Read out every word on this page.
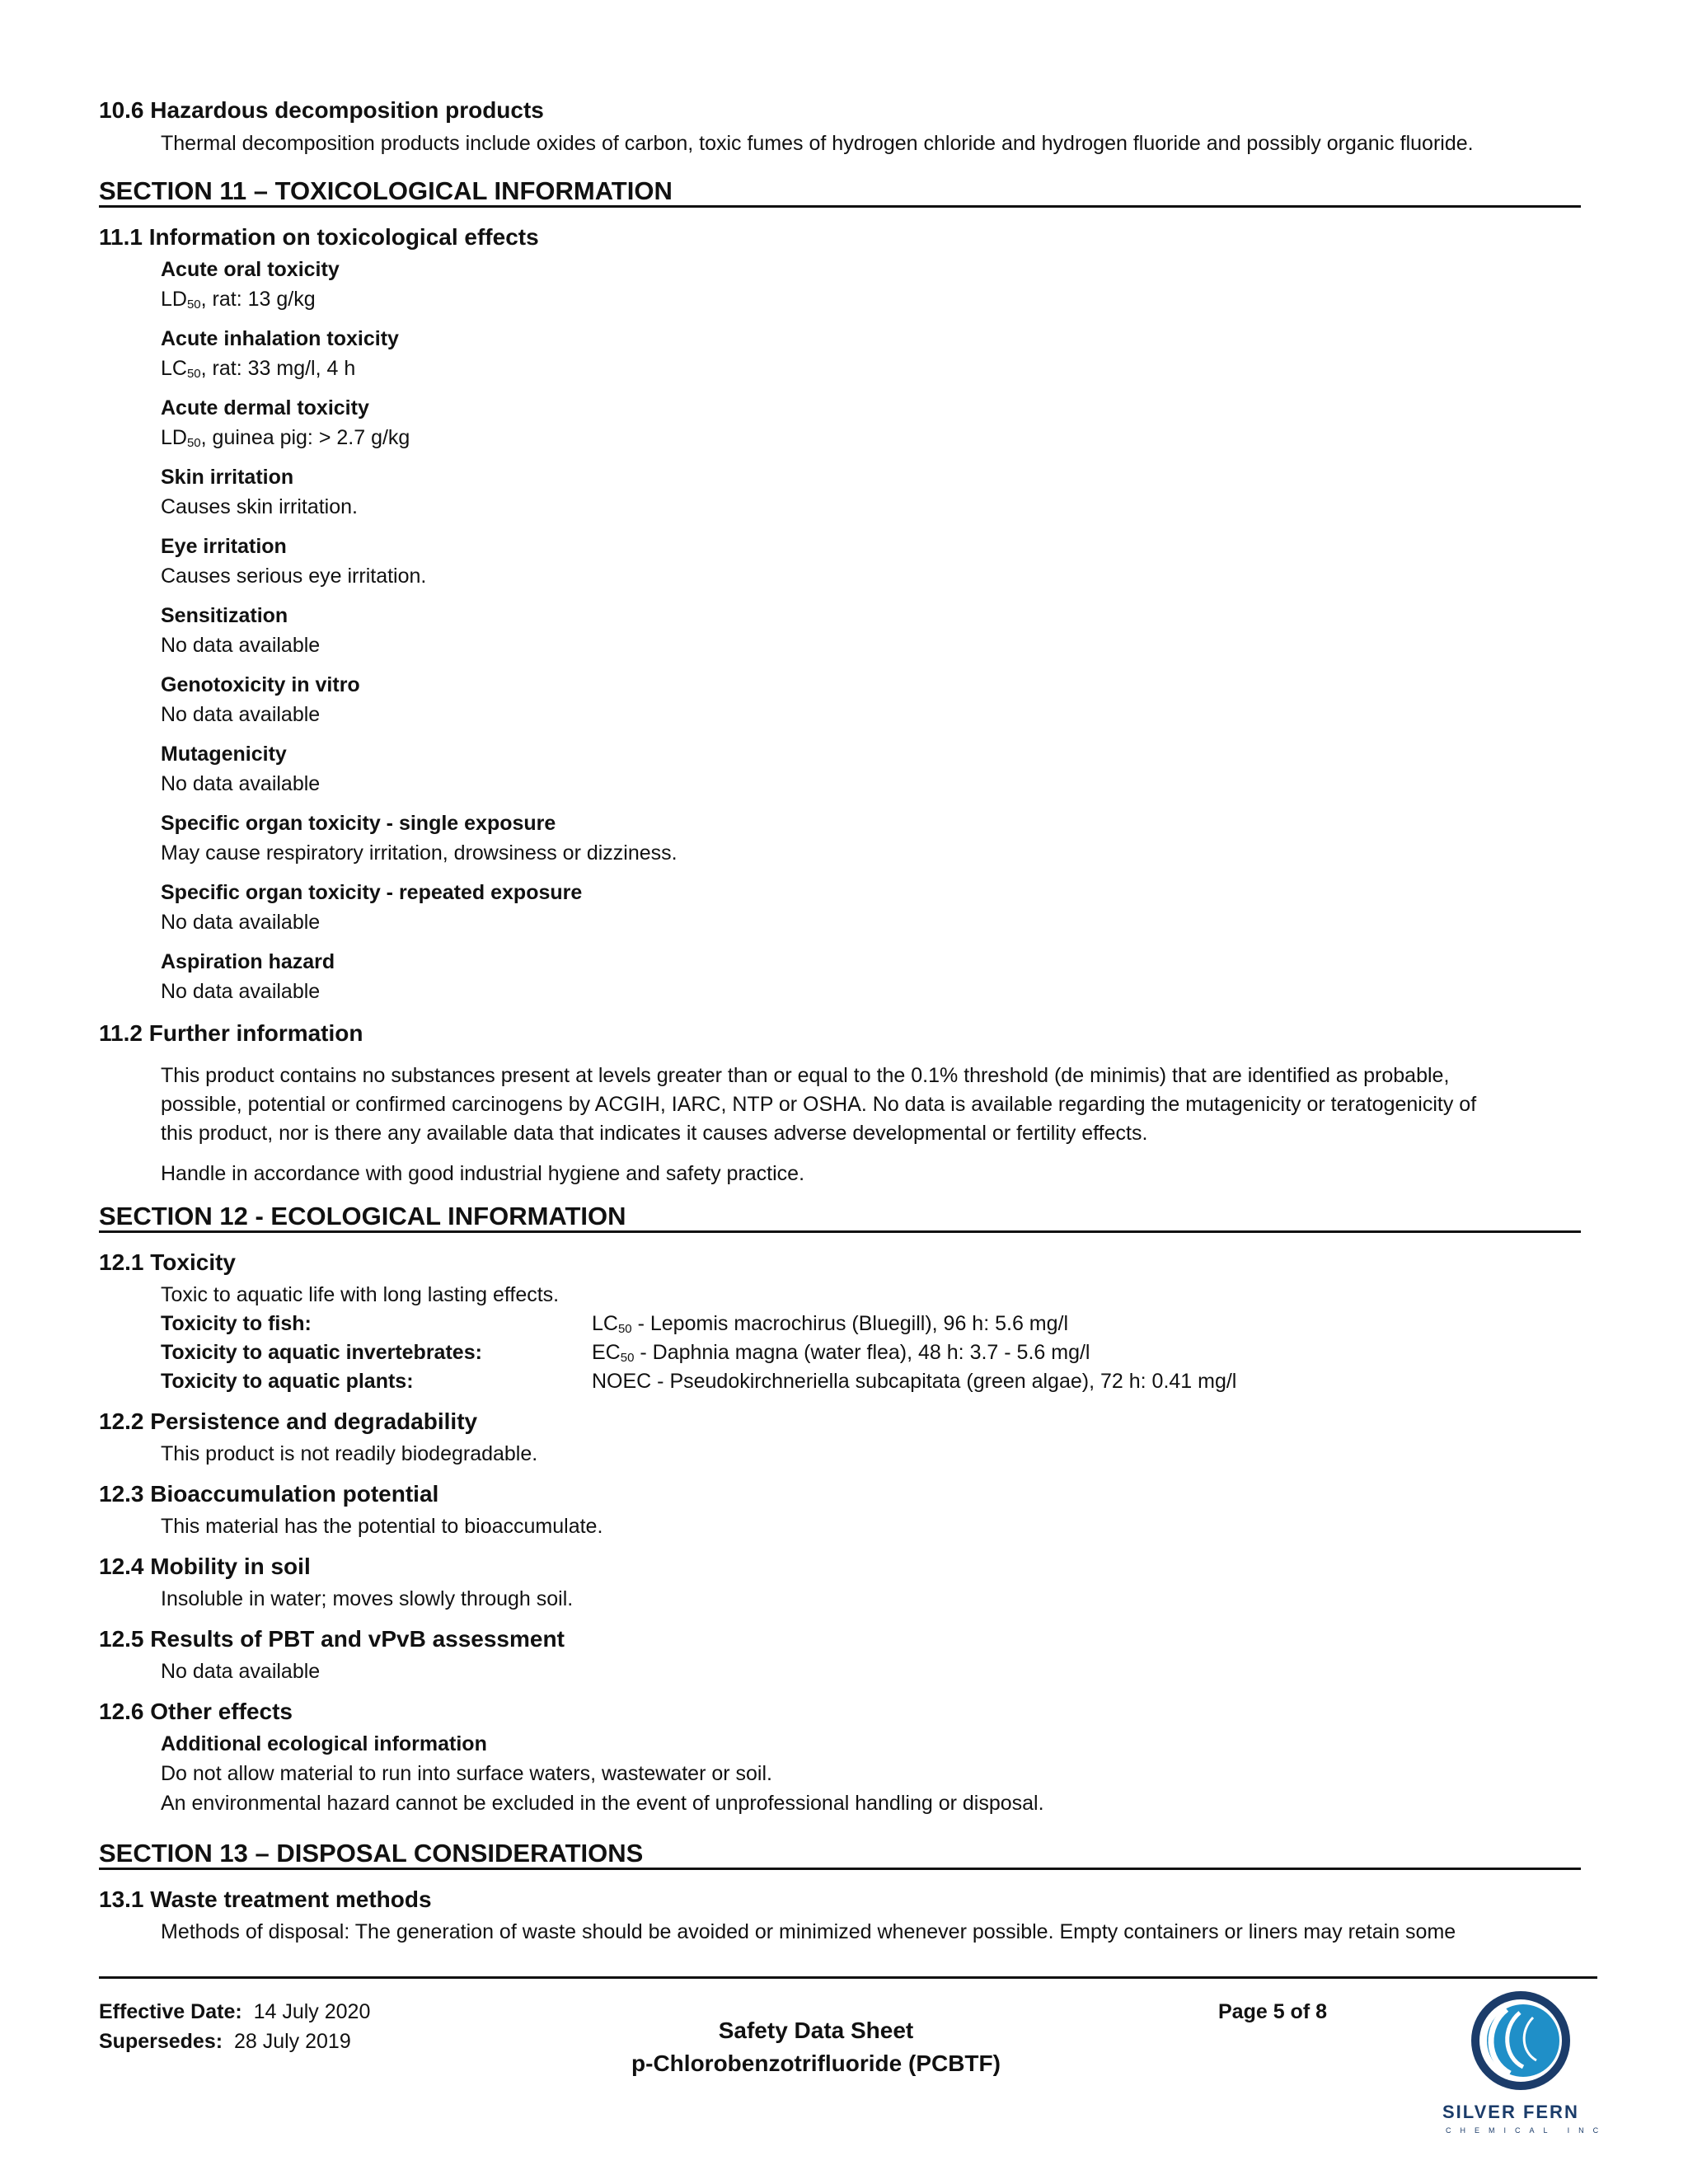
10.6 Hazardous decomposition products
Thermal decomposition products include oxides of carbon, toxic fumes of hydrogen chloride and hydrogen fluoride and possibly organic fluoride.
SECTION 11 – TOXICOLOGICAL INFORMATION
11.1 Information on toxicological effects
Acute oral toxicity
$LD_{50}$, rat: 13 g/kg
Acute inhalation toxicity
$LC_{50}$, rat: 33 mg/l, 4 h
Acute dermal toxicity
$LD_{50}$, guinea pig: > 2.7 g/kg
Skin irritation
Causes skin irritation.
Eye irritation
Causes serious eye irritation.
Sensitization
No data available
Genotoxicity in vitro
No data available
Mutagenicity
No data available
Specific organ toxicity - single exposure
May cause respiratory irritation, drowsiness or dizziness.
Specific organ toxicity - repeated exposure
No data available
Aspiration hazard
No data available
11.2 Further information
This product contains no substances present at levels greater than or equal to the 0.1% threshold (de minimis) that are identified as probable,
possible, potential or confirmed carcinogens by ACGIH, IARC, NTP or OSHA. No data is available regarding the mutagenicity or teratogenicity of
this product, nor is there any available data that indicates it causes adverse developmental or fertility effects.
Handle in accordance with good industrial hygiene and safety practice.
SECTION 12 - ECOLOGICAL INFORMATION
12.1 Toxicity
Toxic to aquatic life with long lasting effects.
Toxicity to fish:	$LC_{50}$ - Lepomis macrochirus (Bluegill), 96 h: 5.6 mg/l
Toxicity to aquatic invertebrates:	$EC_{50}$ - Daphnia magna (water flea), 48 h: 3.7 - 5.6 mg/l
Toxicity to aquatic plants:	NOEC - Pseudokirchneriella subcapitata (green algae), 72 h: 0.41 mg/l
12.2 Persistence and degradability
This product is not readily biodegradable.
12.3 Bioaccumulation potential
This material has the potential to bioaccumulate.
12.4 Mobility in soil
Insoluble in water; moves slowly through soil.
12.5 Results of PBT and vPvB assessment
No data available
12.6 Other effects
Additional ecological information
Do not allow material to run into surface waters, wastewater or soil.
An environmental hazard cannot be excluded in the event of unprofessional handling or disposal.
SECTION 13 – DISPOSAL CONSIDERATIONS
13.1 Waste treatment methods
Methods of disposal: The generation of waste should be avoided or minimized whenever possible. Empty containers or liners may retain some
Effective Date: 14 July 2020
Supersedes: 28 July 2019	Safety Data Sheet
p-Chlorobenzotrifluoride (PCBTF)
Page 5 of 8
SILVER FERN
CHEMICAL INC
